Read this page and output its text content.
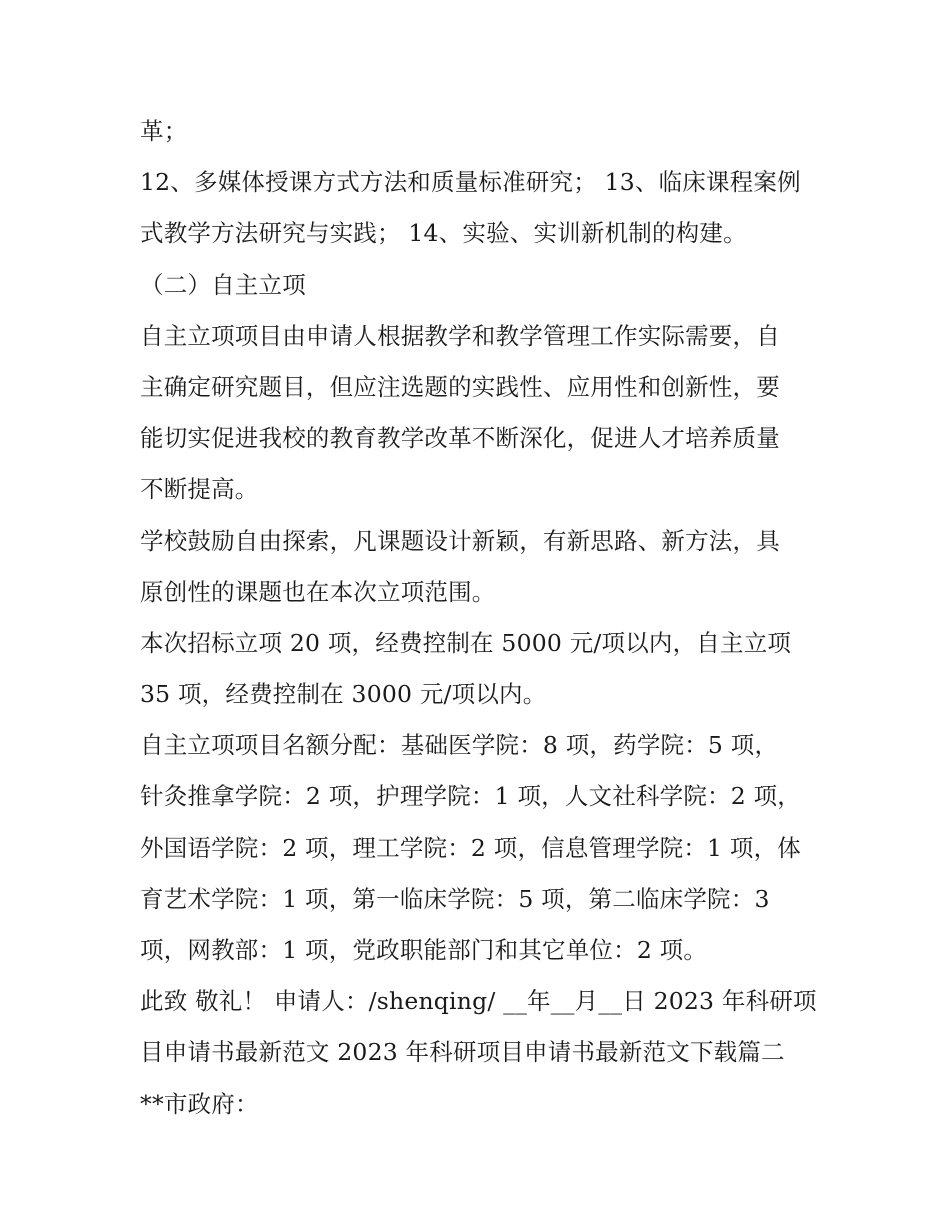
革；
12、多媒体授课方式方法和质量标准研究； 13、临床课程案例
式教学方法研究与实践； 14、实验、实训新机制的构建。
（二）自主立项
自主立项项目由申请人根据教学和教学管理工作实际需要，自
主确定研究题目，但应注选题的实践性、应用性和创新性，要
能切实促进我校的教育教学改革不断深化，促进人才培养质量
不断提高。
学校鼓励自由探索，凡课题设计新颖，有新思路、新方法，具
原创性的课题也在本次立项范围。
本次招标立项 20 项，经费控制在 5000 元/项以内，自主立项
35 项，经费控制在 3000 元/项以内。
自主立项项目名额分配：基础医学院：8 项，药学院：5 项，
针灸推拿学院：2 项，护理学院：1 项，人文社科学院：2 项，
外国语学院：2 项，理工学院：2 项，信息管理学院：1 项，体
育艺术学院：1 项，第一临床学院：5 项，第二临床学院：3
项，网教部：1 项，党政职能部门和其它单位：2 项。
此致 敬礼！ 申请人：/shenqing/ __年__月__日 2023 年科研项
目申请书最新范文 2023 年科研项目申请书最新范文下载篇二
**市政府：
